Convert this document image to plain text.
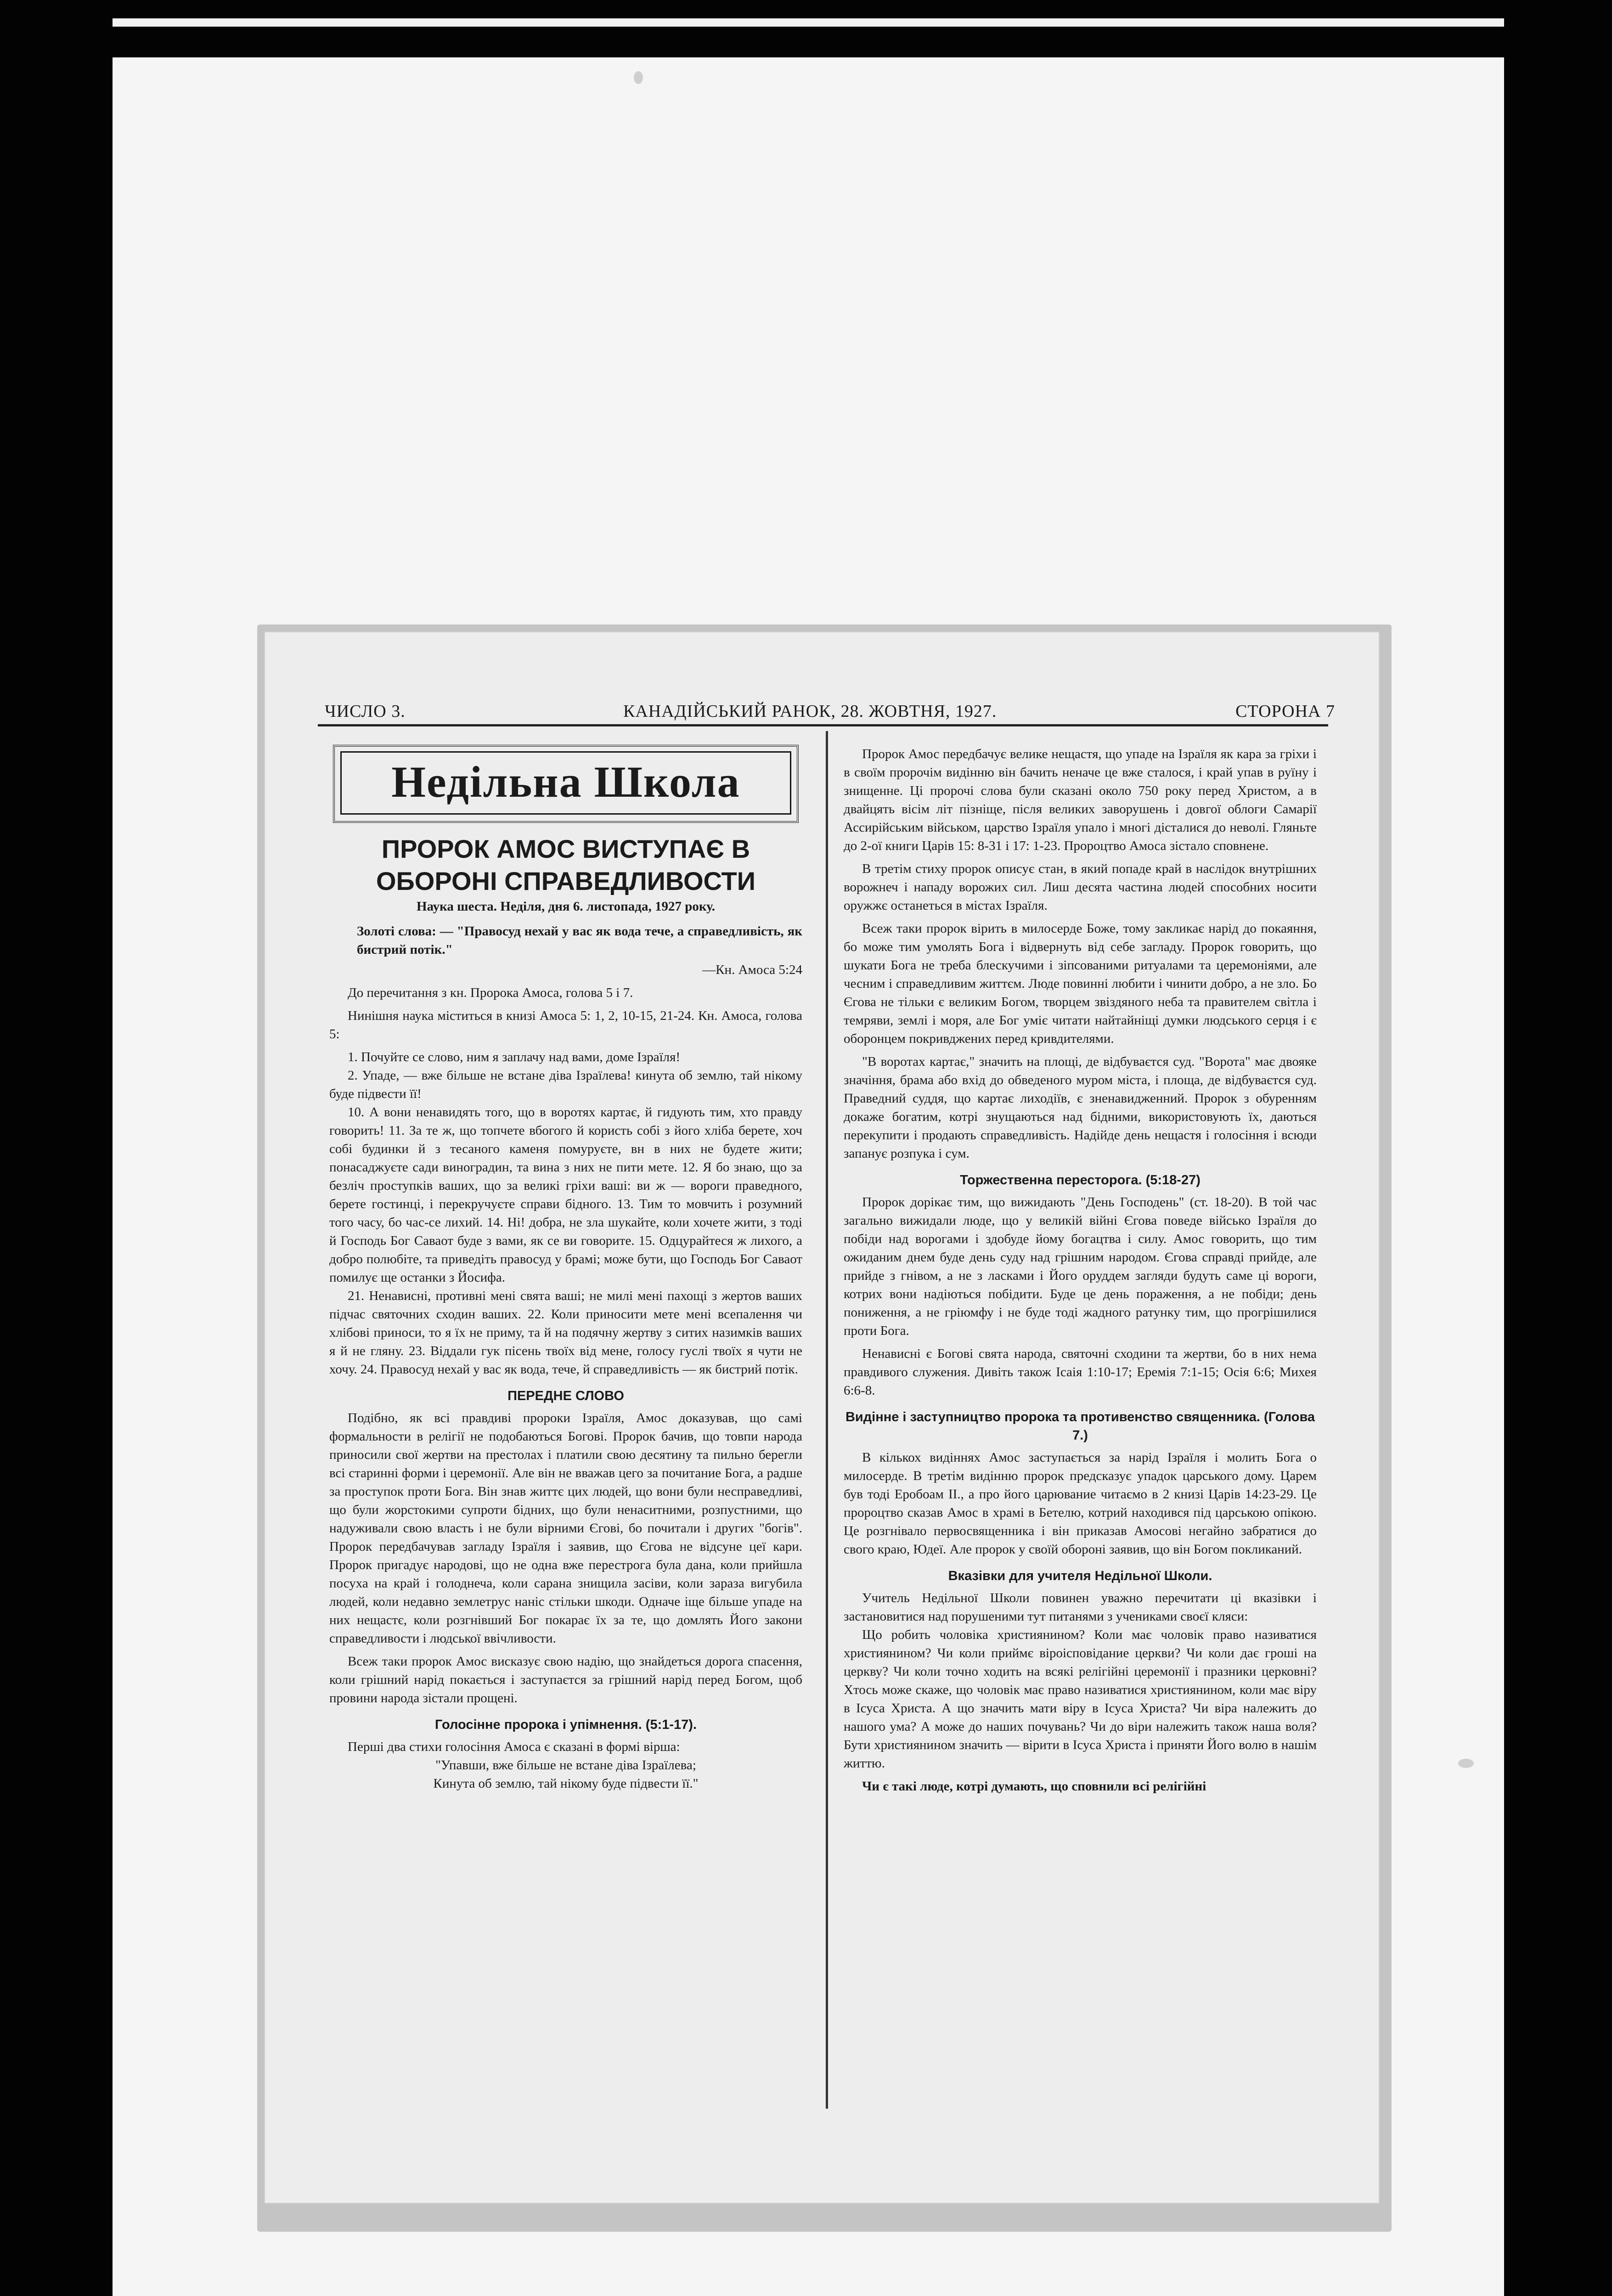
ЧИСЛО 3.	КАНАДІЙСЬКИЙ РАНОК, 28. ЖОВТНЯ, 1927.	СТОРОНА 7
Недільна Школа

ПРОРОК АМОС ВИСТУПАЄ В ОБОРОНІ СПРАВЕДЛИВОСТИ

Наука шеста. Неділя, дня 6. листопада, 1927 року.

Золоті слова: — "Правосуд нехай у вас як вода тече, а справедливість, як бистрий потік."

—Кн. Амоса 5:24

До перечитання з кн. Пророка Амоса, голова 5 і 7.

Нинішня наука міститься в книзі Амоса 5: 1, 2, 10-15, 21-24. Кн. Амоса, голова 5:

1. Почуйте се слово, ним я заплачу над вами, доме Ізраїля!

2. Упаде, — вже більше не встане діва Ізраїлева! кинута об землю, тай нікому буде підвести її!

10. А вони ненавидять того, що в воротях картає, й гидують тим, хто правду говорить! 11. За те ж, що топчете вбогого й користь собі з його хліба берете, хоч собі будинки й з тесаного каменя помуруєте, вн в них не будете жити; понасаджуєте сади виноградин, та вина з них не пити мете. 12. Я бо знаю, що за безліч проступків ваших, що за великі гріхи ваші: ви ж — вороги праведного, берете гостинці, і перекручуєте справи бідного. 13. Тим то мовчить і розумний того часу, бо час-се лихий. 14. Ні! добра, не зла шукайте, коли хочете жити, з тоді й Господь Бог Саваот буде з вами, як се ви говорите. 15. Одцурайтеся ж лихого, а добро полюбіте, та приведіть правосуд у брамі; може бути, що Господь Бог Саваот помилує ще останки з Йосифа.

21. Ненависні, противні мені свята ваші; не милі мені пахощі з жертов ваших підчас святочних сходин ваших. 22. Коли приносити мете мені всепалення чи хлібові приноси, то я їх не приму, та й на подячну жертву з ситих назимків ваших я й не гляну. 23. Віддали гук пісень твоїх від мене, голосу гуслі твоїх я чути не хочу. 24. Правосуд нехай у вас як вода, тече, й справедливість — як бистрий потік.

ПЕРЕДНЕ СЛОВО

Подібно, як всі правдиві пророки Ізраїля, Амос доказував, що самі формальности в релігії не подобаються Богові. Пророк бачив, що товпи народа приносили свої жертви на престолах і платили свою десятину та пильно берегли всі старинні форми і церемонії. Але він не вважав цего за почитание Бога, а радше за проступок проти Бога. Він знав життє цих людей, що вони були несправедливі, що були жорстокими супроти бідних, що були ненаситними, розпустними, що надуживали свою власть і не були вірними Єгові, бо почитали і других "богів". Пророк передбачував загладу Ізраїля і заявив, що Єгова не відсуне цеї кари. Пророк пригадує народові, що не одна вже перестрога була дана, коли прийшла посуха на край і голоднеча, коли сарана знищила засіви, коли зараза вигубила людей, коли недавно землетрус наніс стільки шкоди. Одначе іще більше упаде на них нещастє, коли розгнівший Бог покарає їх за те, що домлять Його закони справедливости і людської ввічливости.

Всеж таки пророк Амос висказує свою надію, що знайдеться дорога спасення, коли грішний нарід покається і заступаєтся за грішний нарід перед Богом, щоб провини народа зістали прощені.

Голосінне пророка і упімнення. (5:1-17).

Перші два стихи голосіння Амоса є сказані в формі вірша:

"Упавши, вже більше не встане діва Ізраїлева;

Кинута об землю, тай нікому буде підвести її."

Пророк Амос передбачує велике нещастя, що упаде на Ізраїля як кара за гріхи і в своїм пророчім видінню він бачить неначе це вже сталося, і край упав в руїну і знищенне. Ці пророчі слова були сказані около 750 року перед Христом, а в двайцять вісім літ пізніще, після великих заворушень і довгої облоги Самарії Ассирійським військом, царство Ізраїля упало і многі дісталися до неволі. Гляньте до 2-ої книги Царів 15: 8-31 і 17: 1-23. Пророцтво Амоса зістало сповнене.

В третім стиху пророк описує стан, в який попаде край в наслідок внутрішних ворожнеч і нападу ворожих сил. Лиш десята частина людей способних носити оружжє останеться в містах Ізраїля.

Всеж таки пророк вірить в милосерде Боже, тому закликає нарід до покаяння, бо може тим умолять Бога і відвернуть від себе загладу. Пророк говорить, що шукати Бога не треба блескучими і зіпсованими ритуалами та церемоніями, але чесним і справедливим життєм. Люде повинні любити і чинити добро, а не зло. Бо Єгова не тільки є великим Богом, творцем звіздяного неба та правителем світла і темряви, землі і моря, але Бог уміє читати найтайніщі думки людського серця і є оборонцем покривджених перед кривдителями.

"В воротах картає," значить на площі, де відбуваєтся суд. "Ворота" має двояке значіння, брама або вхід до обведеного муром міста, і площа, де відбуваєтся суд. Праведний суддя, що картає лиходіїв, є зненавидженний. Пророк з обуренням докаже богатим, котрі знущаються над бідними, використовують їх, даються перекупити і продають справедливість. Надійде день нещастя і голосіння і всюди запанує розпука і сум.

Торжественна пересторога. (5:18-27)

Пророк дорікає тим, що вижидають "День Господень" (ст. 18-20). В той час загально вижидали люде, що у великій війні Єгова поведе військо Ізраїля до побіди над ворогами і здобуде йому богацтва і силу. Амос говорить, що тим ожиданим днем буде день суду над грішним народом. Єгова справді прийде, але прийде з гнівом, а не з ласками і Його оруддем загляди будуть саме ці вороги, котрих вони надіються побідити. Буде це день пораження, а не побіди; день пониження, а не гріюмфу і не буде тоді жадного ратунку тим, що прогрішилися проти Бога.

Ненависні є Богові свята народа, святочні сходини та жертви, бо в них нема правдивого служения. Дивіть також Ісаія 1:10-17; Еремія 7:1-15; Осія 6:6; Михея 6:6-8.

Видінне і заступництво пророка та противенство священника. (Голова 7.)

В кількох видіннях Амос заступається за нарід Ізраїля і молить Бога о милосерде. В третім видінню пророк предсказує упадок царського дому. Царем був тоді Еробоам II., а про його царювание читаємо в 2 книзі Царів 14:23-29. Це пророцтво сказав Амос в храмі в Бетелю, котрий находився під царською опікою. Це розгнівало первосвященника і він приказав Амосові негайно забратися до свого краю, Юдеї. Але пророк у своїй обороні заявив, що він Богом покликаний.

Вказівки для учителя Недільної Школи.

Учитель Недільної Школи повинен уважно перечитати ці вказівки і застановитися над порушеними тут питанями з учениками своєї кляси:

Що робить чоловіка християнином? Коли має чоловік право називатися християнином? Чи коли приймє віроісповідание церкви? Чи коли дає гроші на церкву? Чи коли точно ходить на всякі релігійні церемонії і празники церковні? Хтось може скаже, що чоловік має право називатися християнином, коли має віру в Ісуса Христа. А що значить мати віру в Ісуса Христа? Чи віра належить до нашого ума? А може до наших почувань? Чи до віри належить також наша воля? Бути християнином значить — вірити в Ісуса Христа і приняти Його волю в нашім життю.

Чи є такі люде, котрі думають, що сповнили всі релігійні
